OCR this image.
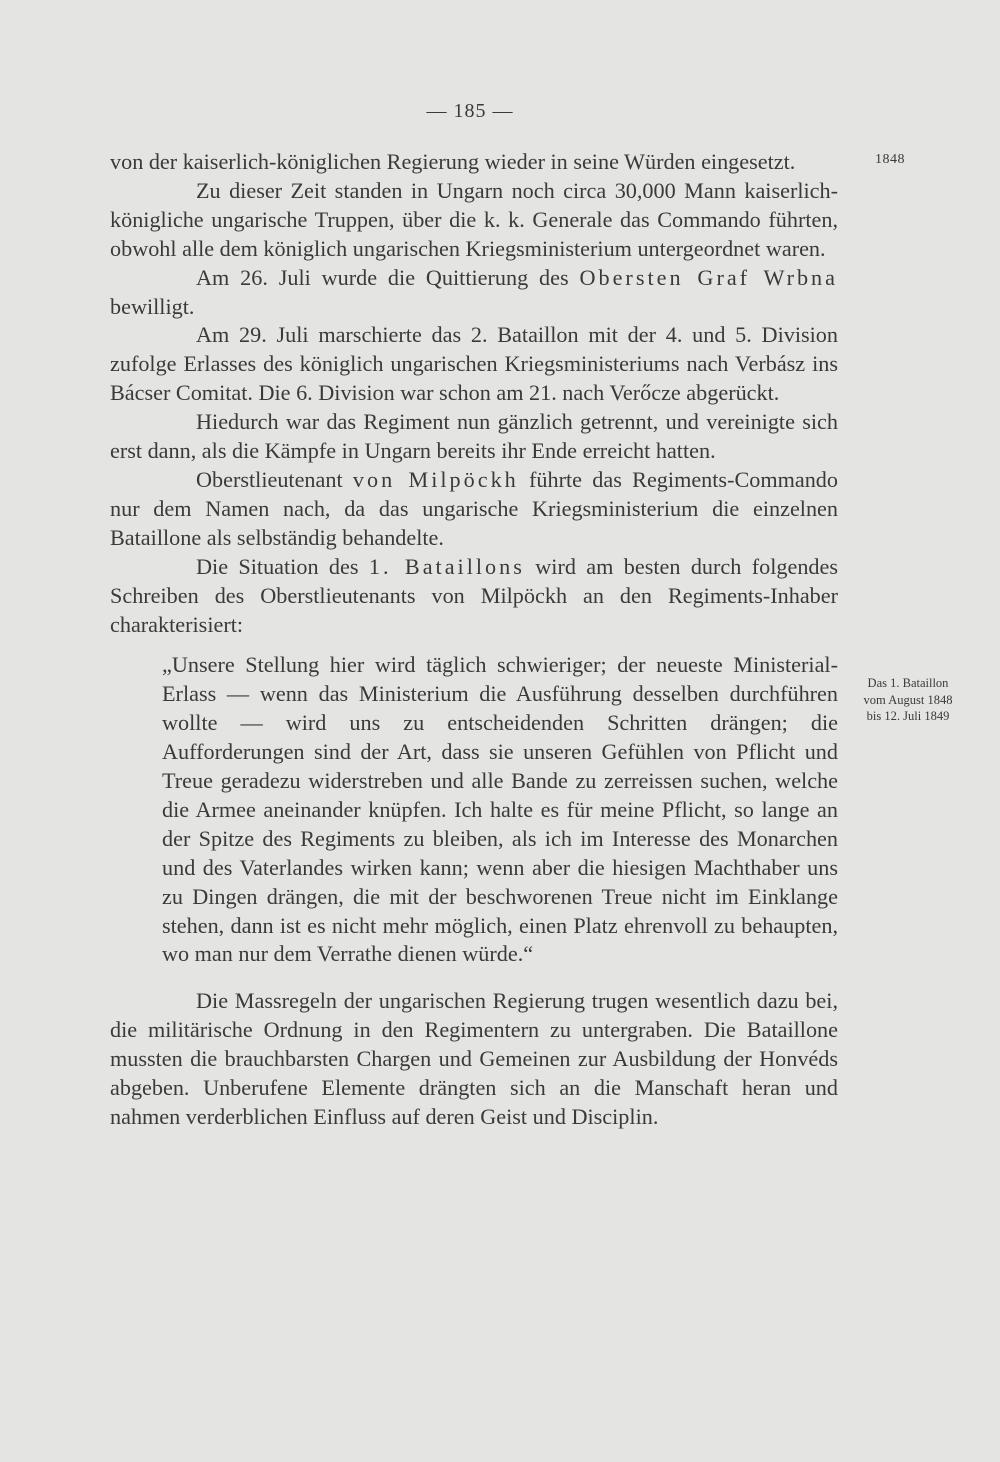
— 185 —
1848
Das 1. Bataillon
vom August 1848
bis 12. Juli 1849

von der kaiserlich-königlichen Regierung wieder in seine Würden eingesetzt.

Zu dieser Zeit standen in Ungarn noch circa 30,000 Mann kaiserlich-königliche ungarische Truppen, über die k. k. Generale das Commando führten, obwohl alle dem königlich ungarischen Kriegsministerium untergeordnet waren.

Am 26. Juli wurde die Quittierung des Obersten Graf Wrbna bewilligt.

Am 29. Juli marschierte das 2. Bataillon mit der 4. und 5. Division zufolge Erlasses des königlich ungarischen Kriegsministeriums nach Verbász ins Bácser Comitat. Die 6. Division war schon am 21. nach Verőcze abgerückt.

Hiedurch war das Regiment nun gänzlich getrennt, und vereinigte sich erst dann, als die Kämpfe in Ungarn bereits ihr Ende erreicht hatten.

Oberstlieutenant von Milpöckh führte das Regiments-Commando nur dem Namen nach, da das ungarische Kriegsministerium die einzelnen Bataillone als selbständig behandelte.

Die Situation des 1. Bataillons wird am besten durch folgendes Schreiben des Oberstlieutenants von Milpöckh an den Regiments-Inhaber charakterisiert:

„Unsere Stellung hier wird täglich schwieriger; der neueste Ministerial-Erlass — wenn das Ministerium die Ausführung desselben durchführen wollte — wird uns zu entscheidenden Schritten drängen; die Aufforderungen sind der Art, dass sie unseren Gefühlen von Pflicht und Treue geradezu widerstreben und alle Bande zu zerreissen suchen, welche die Armee aneinander knüpfen. Ich halte es für meine Pflicht, so lange an der Spitze des Regiments zu bleiben, als ich im Interesse des Monarchen und des Vaterlandes wirken kann; wenn aber die hiesigen Machthaber uns zu Dingen drängen, die mit der beschworenen Treue nicht im Einklange stehen, dann ist es nicht mehr möglich, einen Platz ehrenvoll zu behaupten, wo man nur dem Verrathe dienen würde.“

Die Massregeln der ungarischen Regierung trugen wesentlich dazu bei, die militärische Ordnung in den Regimentern zu untergraben. Die Bataillone mussten die brauchbarsten Chargen und Gemeinen zur Ausbildung der Honvéds abgeben. Unberufene Elemente drängten sich an die Manschaft heran und nahmen verderblichen Einfluss auf deren Geist und Disciplin.
